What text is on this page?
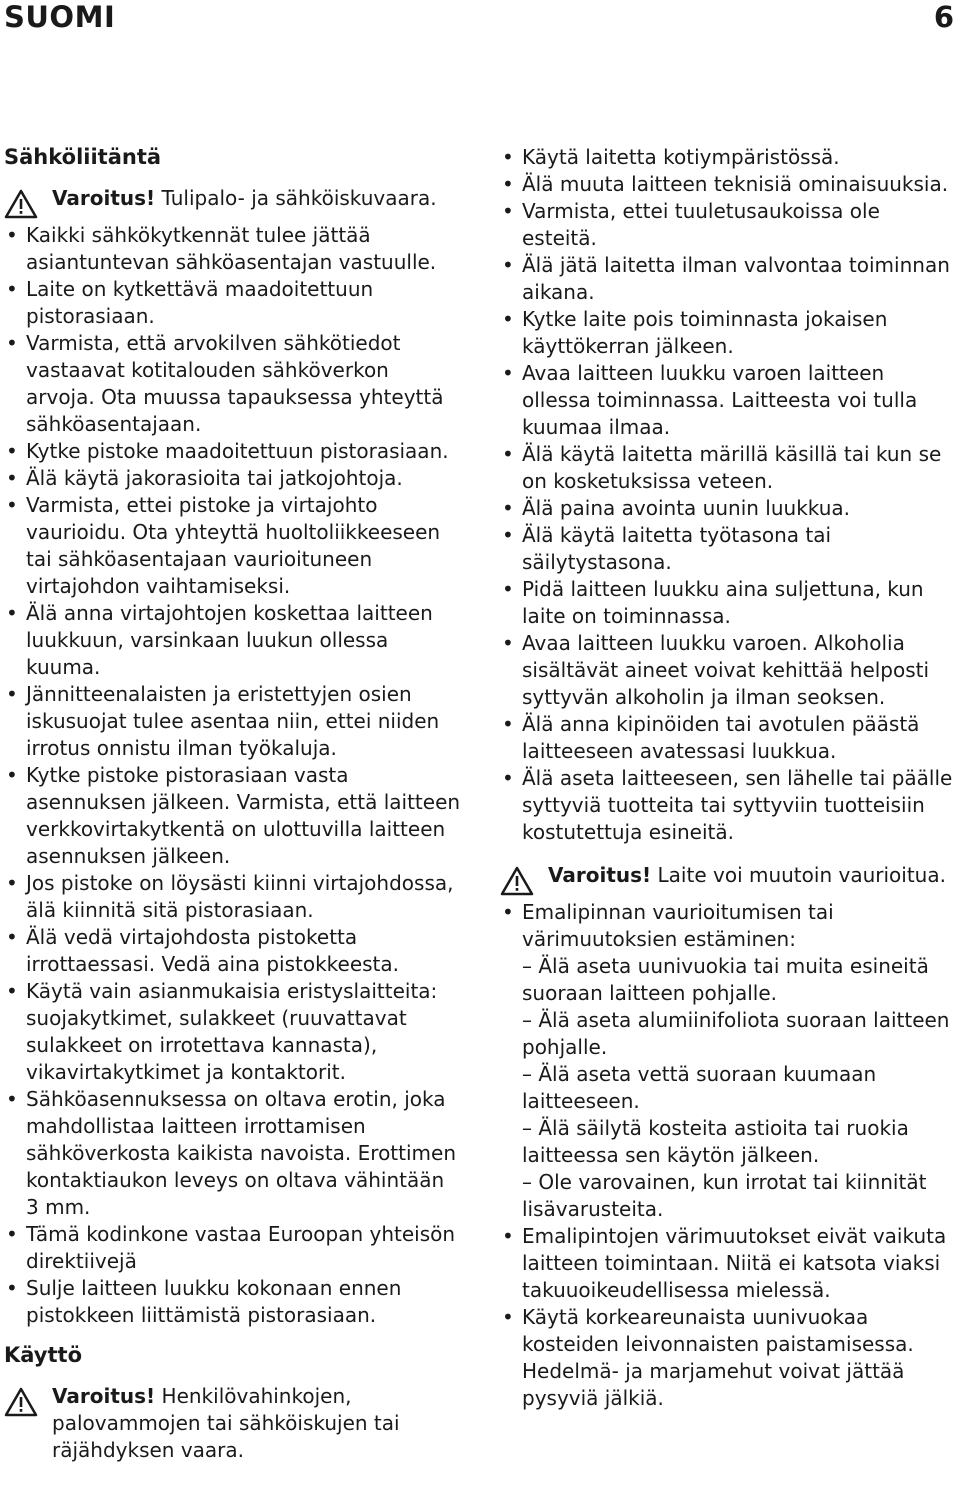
SUOMI	6
Sähköliitäntä
Varoitus! Tulipalo- ja sähköiskuvaara.
• Kaikki sähkökytkennät tulee jättää asiantuntevan sähköasentajan vastuulle.
• Laite on kytkettävä maadoitettuun pistorasiaan.
• Varmista, että arvokilven sähkötiedot vastaavat kotitalouden sähköverkon arvoja. Ota muussa tapauksessa yhteyttä sähköasentajaan.
• Kytke pistoke maadoitettuun pistorasiaan.
• Älä käytä jakorasioita tai jatkojohtoja.
• Varmista, ettei pistoke ja virtajohto vaurioidu. Ota yhteyttä huoltoliikkeeseen tai sähköasentajaan vaurioituneen virtajohdon vaihtamiseksi.
• Älä anna virtajohtojen koskettaa laitteen luukkuun, varsinkaan luukun ollessa kuuma.
• Jännitteenalaisten ja eristettyjen osien iskusuojat tulee asentaa niin, ettei niiden irrotus onnistu ilman työkaluja.
• Kytke pistoke pistorasiaan vasta asennuksen jälkeen. Varmista, että laitteen verkkovirtakytkentä on ulottuvilla laitteen asennuksen jälkeen.
• Jos pistoke on löysästi kiinni virtajohdossa, älä kiinnitä sitä pistorasiaan.
• Älä vedä virtajohdosta pistoketta irrottaessasi. Vedä aina pistokkeesta.
• Käytä vain asianmukaisia eristyslaitteita: suojakytkimet, sulakkeet (ruuvattavat sulakkeet on irrotettava kannasta), vikavirtakytkimet ja kontaktorit.
• Sähköasennuksessa on oltava erotin, joka mahdollistaa laitteen irrottamisen sähköverkosta kaikista navoista. Erottimen kontaktiaukon leveys on oltava vähintään 3 mm.
• Tämä kodinkone vastaa Euroopan yhteisön direktiivejä
• Sulje laitteen luukku kokonaan ennen pistokkeen liittämistä pistorasiaan.
Käyttö
Varoitus! Henkilövahinkojen, palovammojen tai sähköiskujen tai räjähdyksen vaara.
• Käytä laitetta kotiympäristössä.
• Älä muuta laitteen teknisiä ominaisuuksia.
• Varmista, ettei tuuletusaukoissa ole esteitä.
• Älä jätä laitetta ilman valvontaa toiminnan aikana.
• Kytke laite pois toiminnasta jokaisen käyttökerran jälkeen.
• Avaa laitteen luukku varoen laitteen ollessa toiminnassa. Laitteesta voi tulla kuumaa ilmaa.
• Älä käytä laitetta märillä käsillä tai kun se on kosketuksissa veteen.
• Älä paina avointa uunin luukkua.
• Älä käytä laitetta työtasona tai säilytystasona.
• Pidä laitteen luukku aina suljettuna, kun laite on toiminnassa.
• Avaa laitteen luukku varoen. Alkoholia sisältävät aineet voivat kehittää helposti syttyvän alkoholin ja ilman seoksen.
• Älä anna kipinöiden tai avotulen päästä laitteeseen avatessasi luukkua.
• Älä aseta laitteeseen, sen lähelle tai päälle syttyviä tuotteita tai syttyviin tuotteisiin kostutettuja esineitä.
Varoitus! Laite voi muutoin vaurioitua.
• Emalipinnan vaurioitumisen tai värimuutoksien estäminen:
– Älä aseta uunivuokia tai muita esineitä suoraan laitteen pohjalle.
– Älä aseta alumiinifoliota suoraan laitteen pohjalle.
– Älä aseta vettä suoraan kuumaan laitteeseen.
– Älä säilytä kosteita astioita tai ruokia laitteessa sen käytön jälkeen.
– Ole varovainen, kun irrotat tai kiinnität lisävarusteita.
• Emalipintojen värimuutokset eivät vaikuta laitteen toimintaan. Niitä ei katsota viaksi takuuoikeudellisessa mielessä.
• Käytä korkeareunaista uunivuokaa kosteiden leivonnaisten paistamisessa. Hedelmä- ja marjamehut voivat jättää pysyviä jälkiä.
